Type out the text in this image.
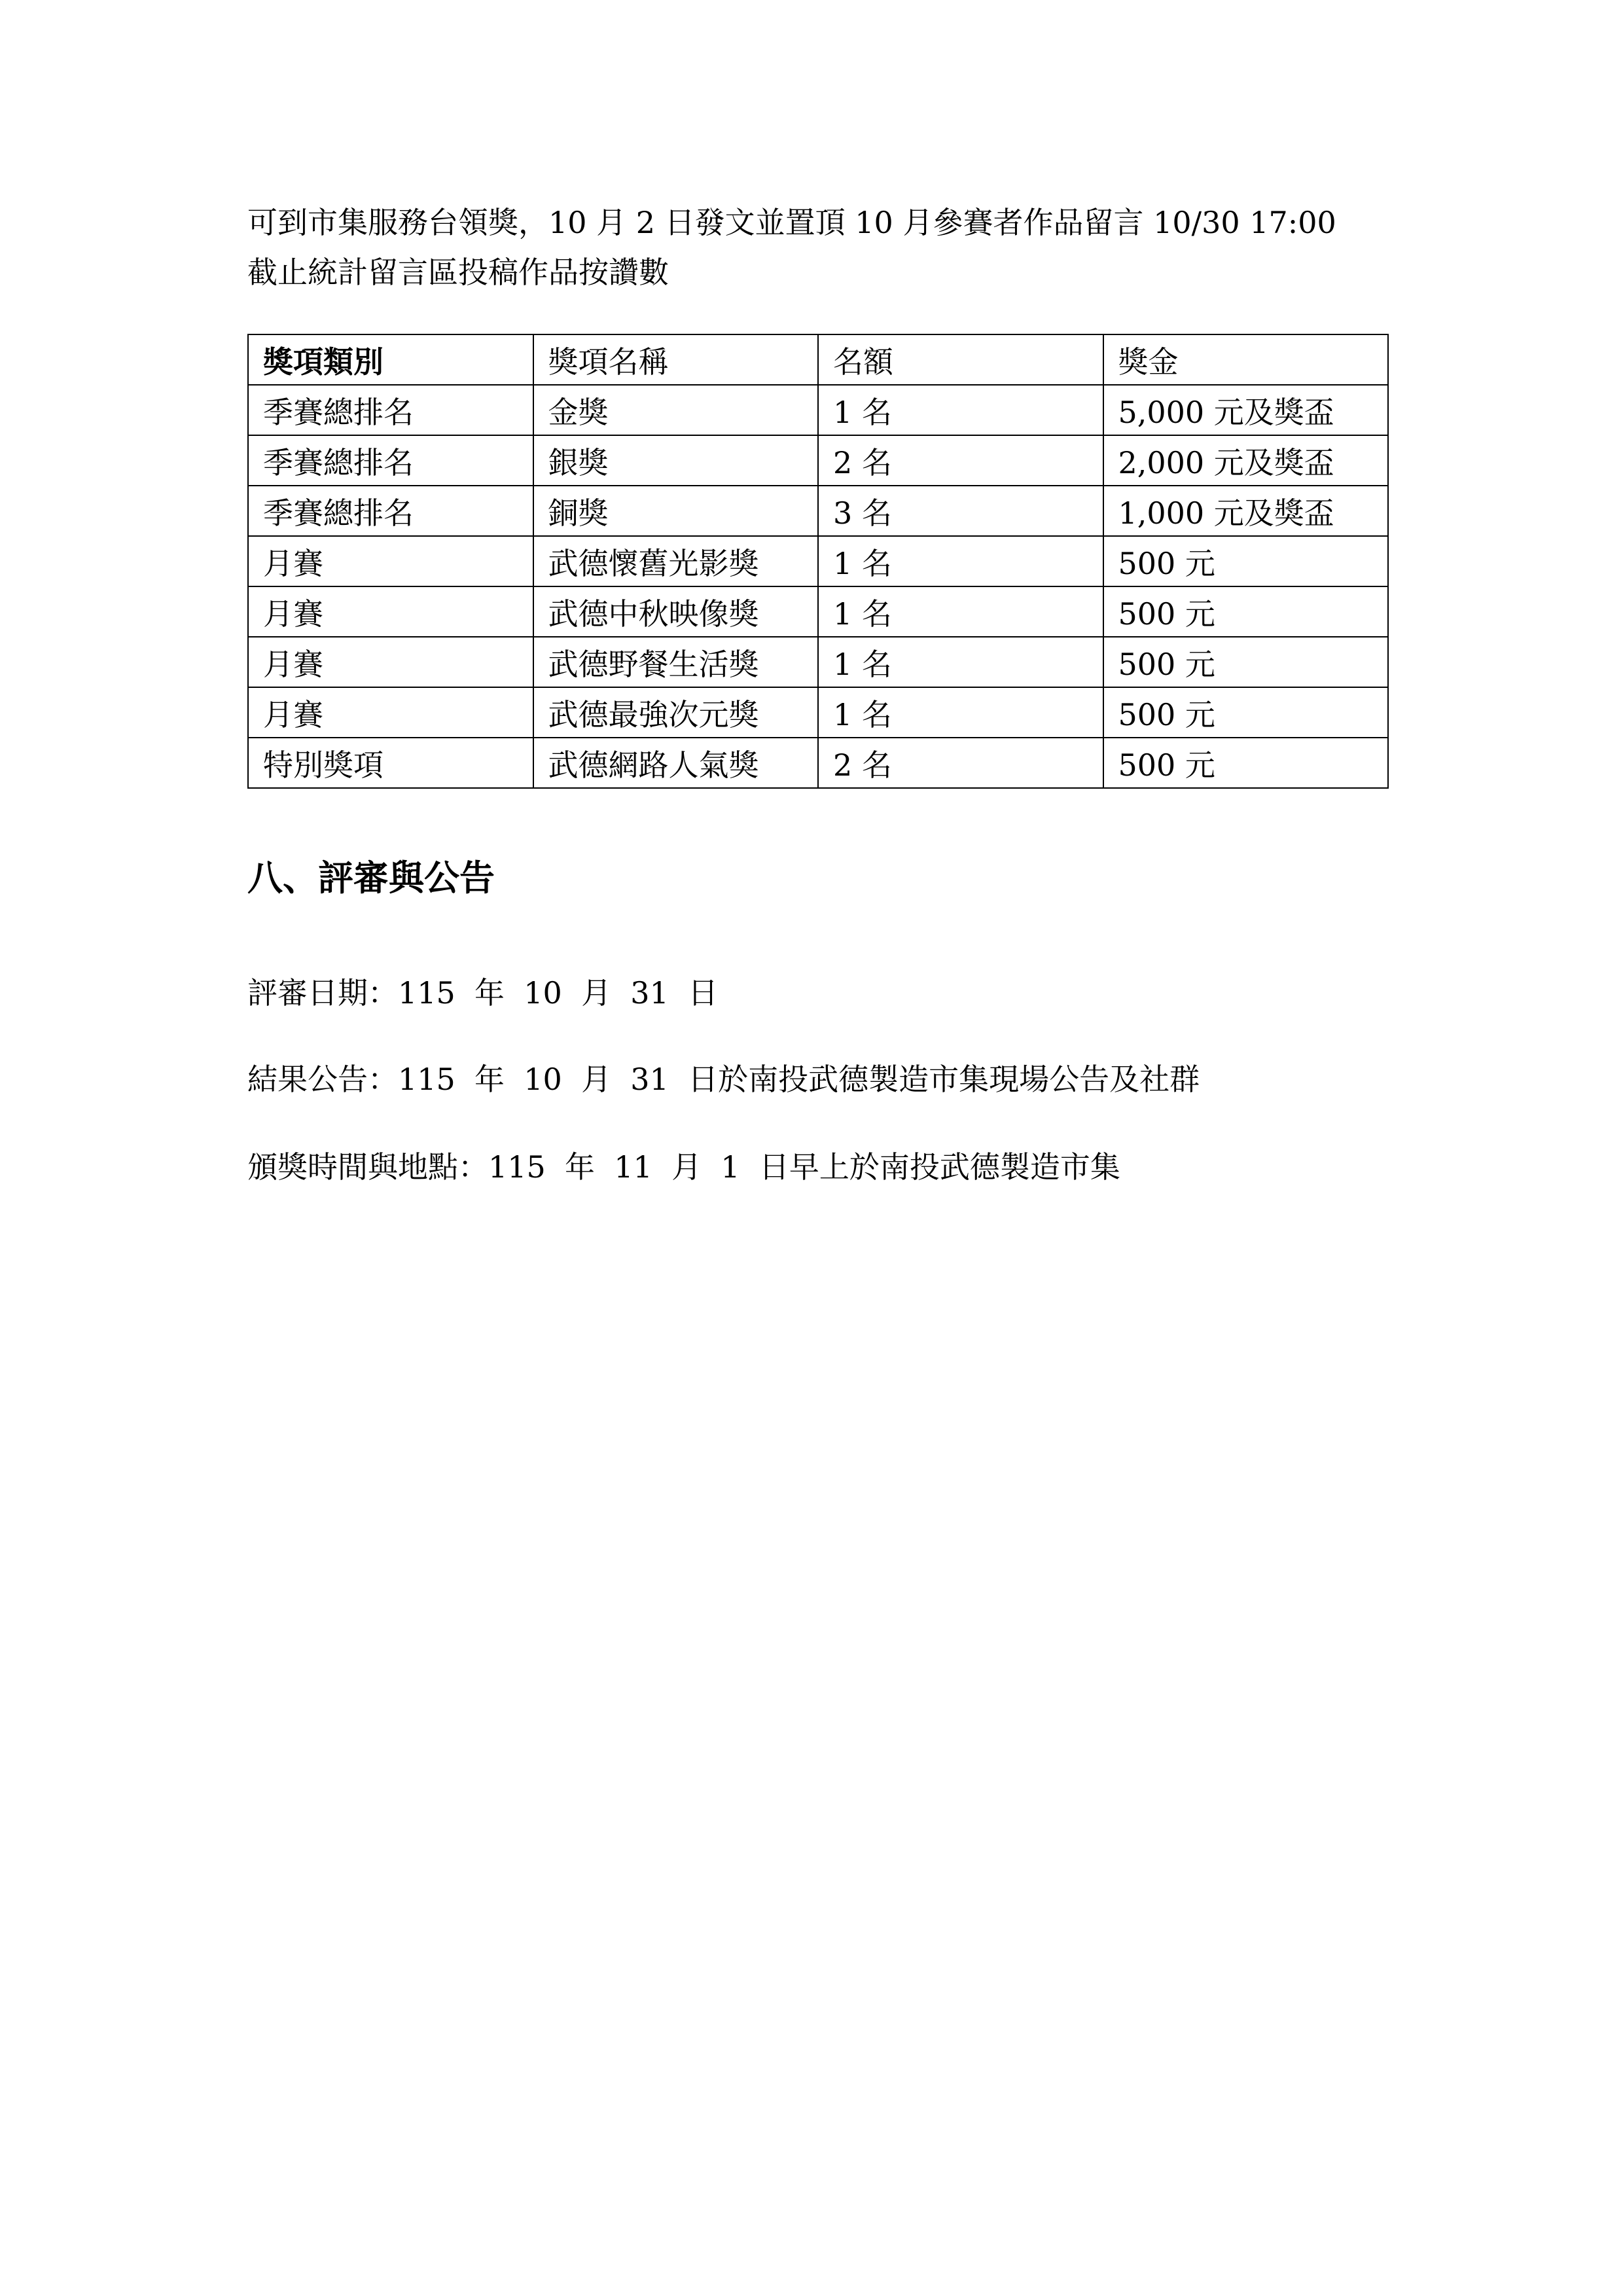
可到市集服務台領獎，10 月 2 日發文並置頂 10 月參賽者作品留言 10/30 17:00

截止統計留言區投稿作品按讚數

獎項類別	獎項名稱	名額	獎金
季賽總排名	金獎	1 名	5,000 元及獎盃
季賽總排名	銀獎	2 名	2,000 元及獎盃
季賽總排名	銅獎	3 名	1,000 元及獎盃
月賽	武德懷舊光影獎	1 名	500 元
月賽	武德中秋映像獎	1 名	500 元
月賽	武德野餐生活獎	1 名	500 元
月賽	武德最強次元獎	1 名	500 元
特別獎項	武德網路人氣獎	2 名	500 元
八、評審與公告

評審日期：115  年  10  月  31  日

結果公告：115  年  10  月  31  日於南投武德製造市集現場公告及社群

頒獎時間與地點：115  年  11  月  1  日早上於南投武德製造市集
